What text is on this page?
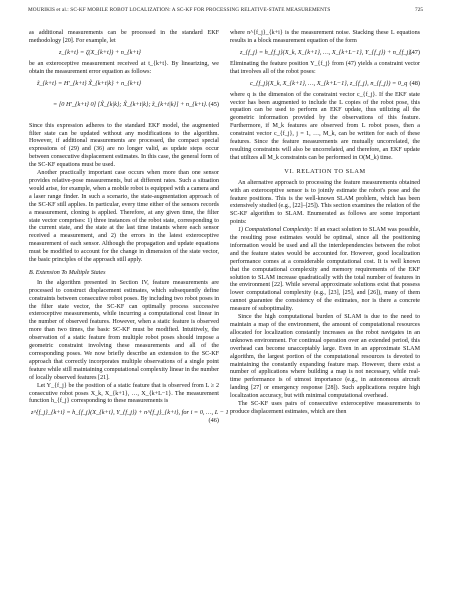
MOURIKIS et al.: SC-KF MOBILE ROBOT LOCALIZATION: A SC-KF FOR PROCESSING RELATIVE-STATE MEASUREMENTS	725

as additional measurements can be processed in the standard EKF methodology [20]. For example, let

z_{k+t} = ζ(X_{k+t}) + n_{k+t}

be an exteroceptive measurement received at t_{k+t}. By linearizing, we obtain the measurement error equation as follows:

z̃_{k+t} = H'_{k+t} X̃_{k+t|k} + n_{k+t}
= [0 H'_{k+t} 0] [X̃_{k|k}; X̃_{k+t|k}; z̃_{k+t|k}] + n_{k+t}. (45)

Since this expression adheres to the standard EKF model, the augmented filter state can be updated without any modifications to the algorithm. However, if additional measurements are processed, the compact special expressions of (29) and (36) are no longer valid, as update steps occur between consecutive displacement estimates. In this case, the general form of the SC-KF equations must be used.

Another practically important case occurs when more than one sensor provides relative-pose measurements, but at different rates. Such a situation would arise, for example, when a mobile robot is equipped with a camera and a laser range finder. In such a scenario, the state-augmentation approach of the SC-KF still applies. In particular, every time either of the sensors records a measurement, cloning is applied. Therefore, at any given time, the filter state vector comprises: 1) three instances of the robot state, corresponding to the current state, and the state at the last time instants where each sensor received a measurement, and 2) the errors in the latest exteroceptive measurement of each sensor. Although the propagation and update equations must be modified to account for the change in dimension of the state vector, the basic principles of the approach still apply.

B. Extension To Multiple States

In the algorithm presented in Section IV, feature measurements are processed to construct displacement estimates, which subsequently define constraints between consecutive robot poses. By including two robot poses in the filter state vector, the SC-KF can optimally process successive exteroceptive measurements, while incurring a computational cost linear in the number of observed features. However, when a static feature is observed more than two times, the basic SC-KF must be modified. Intuitively, the observation of a static feature from multiple robot poses should impose a geometric constraint involving these measurements and all of the corresponding poses. We now briefly describe an extension to the SC-KF approach that correctly incorporates multiple observations of a single point feature while still maintaining computational complexity linear in the number of locally observed features [21].

Let Y_{f_j} be the position of a static feature that is observed from L ≥ 2 consecutive robot poses X_k, X_{k+1}, …, X_{k+L−1}. The measurement function h_{f_j} corresponding to these measurements is

z^{f_j}_{k+i} = h_{f_j}(X_{k+i}, Y_{f_j}) + n^{f_j}_{k+i}, for i = 0, …, L − 1
(46)

where n^{f_j}_{k+i} is the measurement noise. Stacking these L equations results in a block measurement equation of the form

z_{f_j} = h_{f_j}(X_k, X_{k+1}, …, X_{k+L−1}, Y_{f_j}) + n_{f_j}.
(47)

Eliminating the feature position Y_{f_j} from (47) yields a constraint vector that involves all of the robot poses:

c_{f_j}(X_k, X_{k+1}, …, X_{k+L−1}, z_{f_j}, n_{f_j}) = 0_q (48)

where q is the dimension of the constraint vector c_{f_j}. If the EKF state vector has been augmented to include the L copies of the robot pose, this equation can be used to perform an EKF update, thus utilizing all the geometric information provided by the observations of this feature. Furthermore, if M_k features are observed from L robot poses, then a constraint vector c_{f_j}, j = 1, …, M_k, can be written for each of these features. Since the feature measurements are mutually uncorrelated, the resulting constraints will also be uncorrelated, and therefore, an EKF update that utilizes all M_k constraints can be performed in O(M_k) time.

VI. RELATION TO SLAM

An alternative approach to processing the feature measurements obtained with an exteroceptive sensor is to jointly estimate the robot's pose and the feature positions. This is the well-known SLAM problem, which has been extensively studied (e.g., [22]–[25]). This section examines the relation of the SC-KF algorithm to SLAM. Enumerated as follows are some important points:

1) Computational Complexity: If an exact solution to SLAM was possible, the resulting pose estimates would be optimal, since all the positioning information would be used and all the interdependencies between the robot and the feature states would be accounted for. However, good localization performance comes at a considerable computational cost. It is well known that the computational complexity and memory requirements of the EKF solution to SLAM increase quadratically with the total number of features in the environment [22]. While several approximate solutions exist that possess lower computational complexity (e.g., [23], [25], and [26]), many of them cannot guarantee the consistency of the estimates, nor is there a concrete measure of suboptimality.

Since the high computational burden of SLAM is due to the need to maintain a map of the environment, the amount of computational resources allocated for localization constantly increases as the robot navigates in an unknown environment. For continual operation over an extended period, this overhead can become unacceptably large. Even in an approximate SLAM algorithm, the largest portion of the computational resources is devoted to maintaining the constantly expanding feature map. However, there exist a number of applications where building a map is not necessary, while real-time performance is of utmost importance (e.g., in autonomous aircraft landing [27] or emergency response [28]). Such applications require high localization accuracy, but with minimal computational overhead.

The SC-KF uses pairs of consecutive exteroceptive measurements to produce displacement estimates, which are then
